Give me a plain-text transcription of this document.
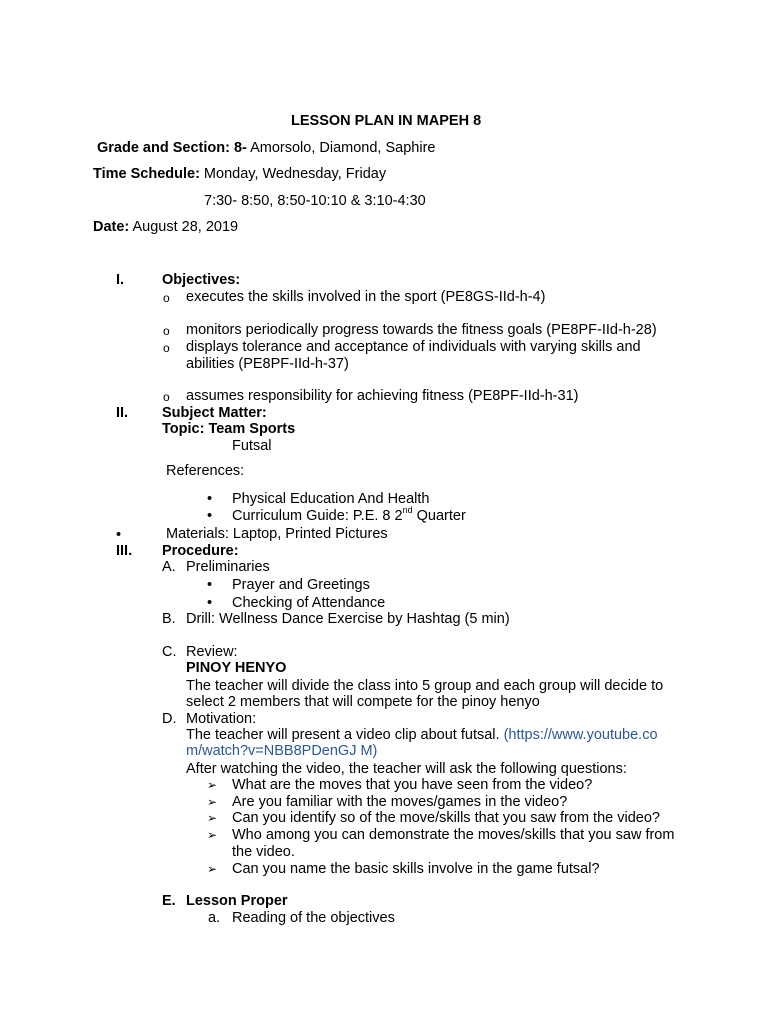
LESSON PLAN IN MAPEH 8
Grade and Section: 8- Amorsolo, Diamond, Saphire
Time Schedule: Monday, Wednesday, Friday
7:30- 8:50, 8:50-10:10 & 3:10-4:30
Date: August 28, 2019
I.	Objectives:
o executes the skills involved in the sport (PE8GS-IId-h-4)
o monitors periodically progress towards the fitness goals (PE8PF-IId-h-28)
o displays tolerance and acceptance of individuals with varying skills and
abilities (PE8PF-IId-h-37)
o assumes responsibility for achieving fitness (PE8PF-IId-h-31)
II. Subject Matter:
Topic: Team Sports
Futsal
References:
• Physical Education And Health
• Curriculum Guide: P.E. 8 2nd Quarter
•	Materials: Laptop, Printed Pictures
III. Procedure:
A. Preliminaries
• Prayer and Greetings
• Checking of Attendance
B. Drill: Wellness Dance Exercise by Hashtag (5 min)
C. Review:
PINOY HENYO
The teacher will divide the class into 5 group and each group will decide to
select 2 members that will compete for the pinoy henyo
D. Motivation:
The teacher will present a video clip about futsal. (https://www.youtube.co
m/watch?v=NBB8PDenGJ M)
After watching the video, the teacher will ask the following questions:
➢ What are the moves that you have seen from the video?
➢ Are you familiar with the moves/games in the video?
➢ Can you identify so of the move/skills that you saw from the video?
➢ Who among you can demonstrate the moves/skills that you saw from
the video.
➢ Can you name the basic skills involve in the game futsal?
E. Lesson Proper
a. Reading of the objectives
